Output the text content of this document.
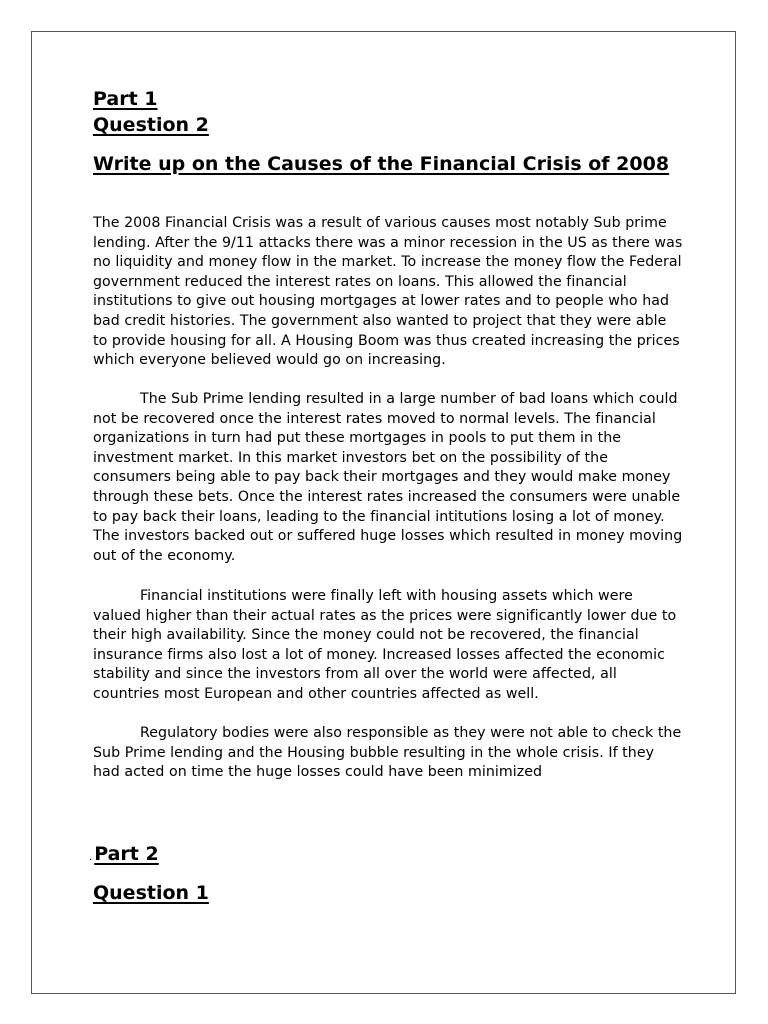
Part 1
Question 2
Write up on the Causes of the Financial Crisis of 2008

The 2008 Financial Crisis was a result of various causes most notably Sub prime lending. After the 9/11 attacks there was a minor recession in the US as there was no liquidity and money flow in the market. To increase the money flow the Federal government reduced the interest rates on loans. This allowed the financial institutions to give out housing mortgages at lower rates and to people who had bad credit histories. The government also wanted to project that they were able to provide housing for all. A Housing Boom was thus created increasing the prices which everyone believed would go on increasing.

The Sub Prime lending resulted in a large number of bad loans which could not be recovered once the interest rates moved to normal levels. The financial organizations in turn had put these mortgages in pools to put them in the investment market. In this market investors bet on the possibility of the consumers being able to pay back their mortgages and they would make money through these bets. Once the interest rates increased the consumers were unable to pay back their loans, leading to the financial intitutions losing a lot of money. The investors backed out or suffered huge losses which resulted in money moving out of the economy.

Financial institutions were finally left with housing assets which were valued higher than their actual rates as the prices were significantly lower due to their high availability. Since the money could not be recovered, the financial insurance firms also lost a lot of money. Increased losses affected the economic stability and since the investors from all over the world were affected, all countries most European and other countries affected as well.

Regulatory bodies were also responsible as they were not able to check the Sub Prime lending and the Housing bubble resulting in the whole crisis. If they had acted on time the huge losses could have been minimized

. Part 2

Question 1
